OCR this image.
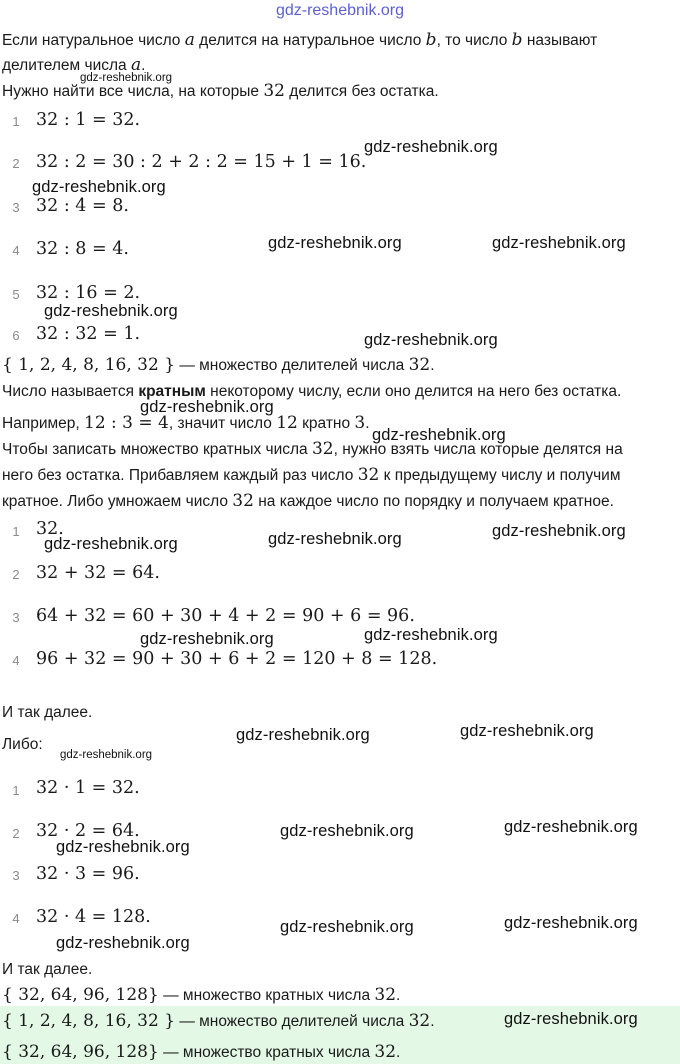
gdz-reshebnik.org
Если натуральное число a делится на натуральное число b, то число b называют
делителем числа a.
gdz-reshebnik.org
Нужно найти все числа, на которые 32 делится без остатка.
1 32 : 1 = 32.
2 32 : 2 = 30 : 2 + 2 : 2 = 15 + 1 = 16.
3 32 : 4 = 8.
4 32 : 8 = 4.
5 32 : 16 = 2.
6 32 : 32 = 1.
{ 1, 2, 4, 8, 16, 32 } — множество делителей числа 32.
Число называется кратным некоторому числу, если оно делится на него без остатка.
Например, 12 : 3 = 4, значит число 12 кратно 3.
Чтобы записать множество кратных числа 32, нужно взять числа которые делятся на
него без остатка. Прибавляем каждый раз число 32 к предыдущему числу и получим
кратное. Либо умножаем число 32 на каждое число по порядку и получаем кратное.
1 32.
2 32 + 32 = 64.
3 64 + 32 = 60 + 30 + 4 + 2 = 90 + 6 = 96.
4 96 + 32 = 90 + 30 + 6 + 2 = 120 + 8 = 128.
И так далее.
Либо:
gdz-reshebnik.org
1 32 · 1 = 32.
2 32 · 2 = 64.
3 32 · 3 = 96.
4 32 · 4 = 128.
И так далее.
{ 32, 64, 96, 128} — множество кратных числа 32.
{ 1, 2, 4, 8, 16, 32 } — множество делителей числа 32.
{ 32, 64, 96, 128} — множество кратных числа 32.
gdz-reshebnik.org
gdz-reshebnik.org
gdz-reshebnik.org	gdz-reshebnik.org
gdz-reshebnik.org
gdz-reshebnik.org
gdz-reshebnik.org
gdz-reshebnik.org
gdz-reshebnik.org
gdz-reshebnik.org	gdz-reshebnik.org
gdz-reshebnik.org	gdz-reshebnik.org
gdz-reshebnik.org	gdz-reshebnik.org
gdz-reshebnik.org	gdz-reshebnik.org
gdz-reshebnik.org
gdz-reshebnik.org	gdz-reshebnik.org
gdz-reshebnik.org
gdz-reshebnik.org
